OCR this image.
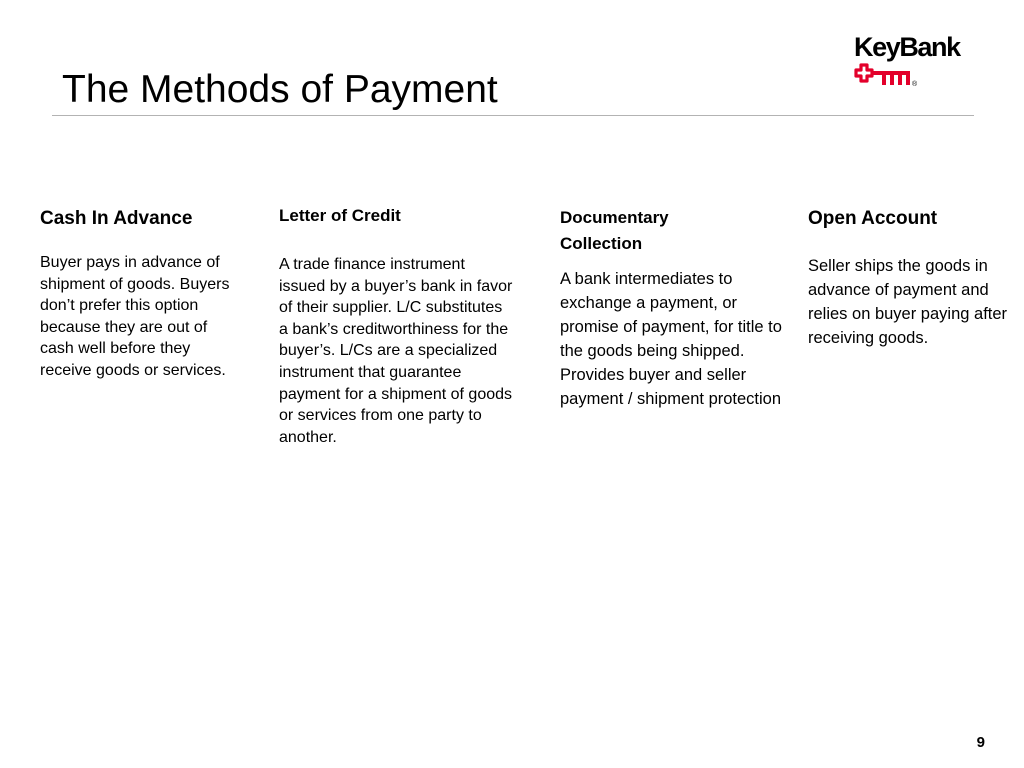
The Methods of Payment
KeyBank
®

Cash In Advance

Buyer pays in advance of shipment of goods. Buyers don’t prefer this option because they are out of cash well before they receive goods or services.

Letter of Credit

A trade finance instrument issued by a buyer’s bank in favor of their supplier. L/C substitutes a bank’s creditworthiness for the buyer’s. L/Cs are a specialized instrument that guarantee payment for a shipment of goods or services from one party to another.

Documentary Collection

A bank intermediates to exchange a payment, or promise of payment, for title to the goods being shipped. Provides buyer and seller payment / shipment protection

Open Account

Seller ships the goods in advance of payment and relies on buyer paying after receiving goods.

9
